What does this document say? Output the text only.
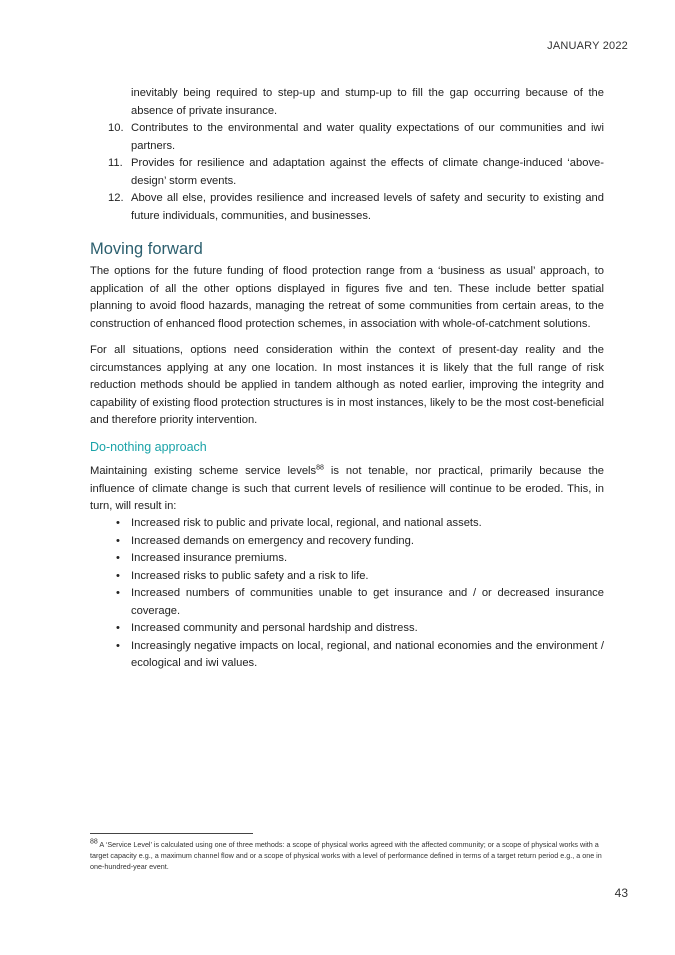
JANUARY 2022
inevitably being required to step-up and stump-up to fill the gap occurring because of the absence of private insurance.
10. Contributes to the environmental and water quality expectations of our communities and iwi partners.
11. Provides for resilience and adaptation against the effects of climate change-induced ‘above-design’ storm events.
12. Above all else, provides resilience and increased levels of safety and security to existing and future individuals, communities, and businesses.
Moving forward

The options for the future funding of flood protection range from a ‘business as usual’ approach, to application of all the other options displayed in figures five and ten. These include better spatial planning to avoid flood hazards, managing the retreat of some communities from certain areas, to the construction of enhanced flood protection schemes, in association with whole-of-catchment solutions.

For all situations, options need consideration within the context of present-day reality and the circumstances applying at any one location. In most instances it is likely that the full range of risk reduction methods should be applied in tandem although as noted earlier, improving the integrity and capability of existing flood protection structures is in most instances, likely to be the most cost-beneficial and therefore priority intervention.

Do-nothing approach

Maintaining existing scheme service levels$^{88}$ is not tenable, nor practical, primarily because the influence of climate change is such that current levels of resilience will continue to be eroded. This, in turn, will result in:

• Increased risk to public and private local, regional, and national assets.
• Increased demands on emergency and recovery funding.
• Increased insurance premiums.
• Increased risks to public safety and a risk to life.
• Increased numbers of communities unable to get insurance and / or decreased insurance coverage.
• Increased community and personal hardship and distress.
• Increasingly negative impacts on local, regional, and national economies and the environment / ecological and iwi values.
$^{88}$ A ‘Service Level’ is calculated using one of three methods: a scope of physical works agreed with the affected community; or a scope of physical works with a target capacity e.g., a maximum channel flow and or a scope of physical works with a level of performance defined in terms of a target return period e.g., a one in one-hundred-year event.
43
